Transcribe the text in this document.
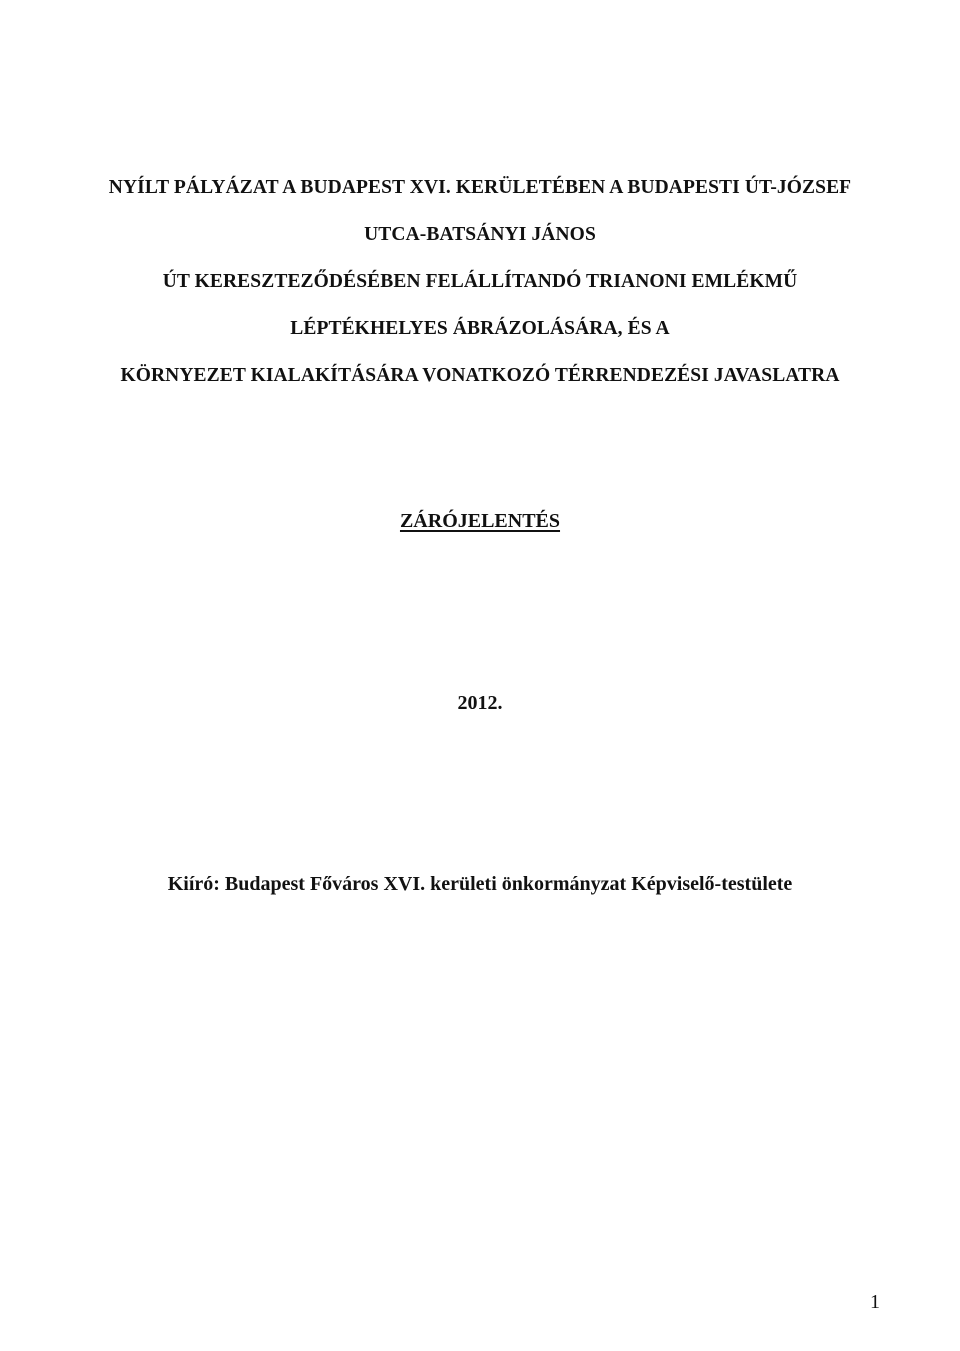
NYÍLT PÁLYÁZAT A BUDAPEST XVI. KERÜLETÉBEN A BUDAPESTI ÚT-JÓZSEF
UTCA-BATSÁNYI JÁNOS
ÚT KERESZTEZŐDÉSÉBEN FELÁLLÍTANDÓ TRIANONI EMLÉKMŰ
LÉPTÉKHELYES ÁBRÁZOLÁSÁRA, ÉS A
KÖRNYEZET KIALAKÍTÁSÁRA VONATKOZÓ TÉRRENDEZÉSI JAVASLATRA
ZÁRÓJELENTÉS
2012.
Kiíró: Budapest Főváros XVI. kerületi önkormányzat Képviselő-testülete
1
